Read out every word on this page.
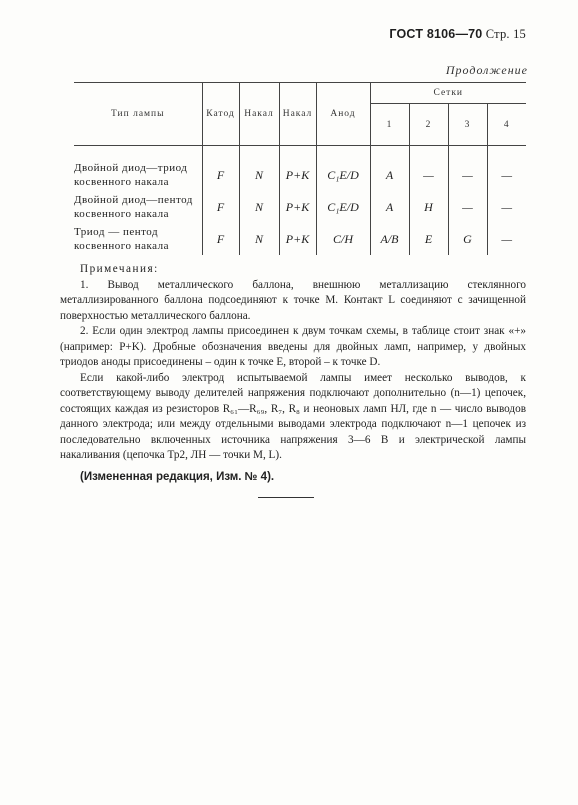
ГОСТ 8106—70 Стр. 15
Продолжение
Тип лампы	Катод	Накал	Накал	Анод	Сетки			
					1	2	3	4
Двойной диод—триод косвенного накала	F	N	P+K	C₁E/D	A	—	—	—
Двойной диод—пентод косвенного накала	F	N	P+K	C₁E/D	A	H	—	—
Триод — пентод косвенного накала	F	N	P+K	C/H	A/B	E	G	—

Примечания:

1. Вывод металлического баллона, внешнюю металлизацию стеклянного металлизированного баллона подсоединяют к точке M. Контакт L соединяют с зачищенной поверхностью металлического баллона.

2. Если один электрод лампы присоединен к двум точкам схемы, в таблице стоит знак «+» (например: P+K). Дробные обозначения введены для двойных ламп, например, у двойных триодов аноды присоединены – один к точке E, второй – к точке D.

Если какой-либо электрод испытываемой лампы имеет несколько выводов, к соответствующему выводу делителей напряжения подключают дополнительно (n—1) цепочек, состоящих каждая из резисторов R₆₁—R₆₉, R₇, R₈ и неоновых ламп НЛ, где n — число выводов данного электрода; или между отдельными выводами электрода подключают n—1 цепочек из последовательно включенных источника напряжения 3—6 В и электрической лампы накаливания (цепочка Тр2, ЛН — точки M, L).

(Измененная редакция, Изм. № 4).
